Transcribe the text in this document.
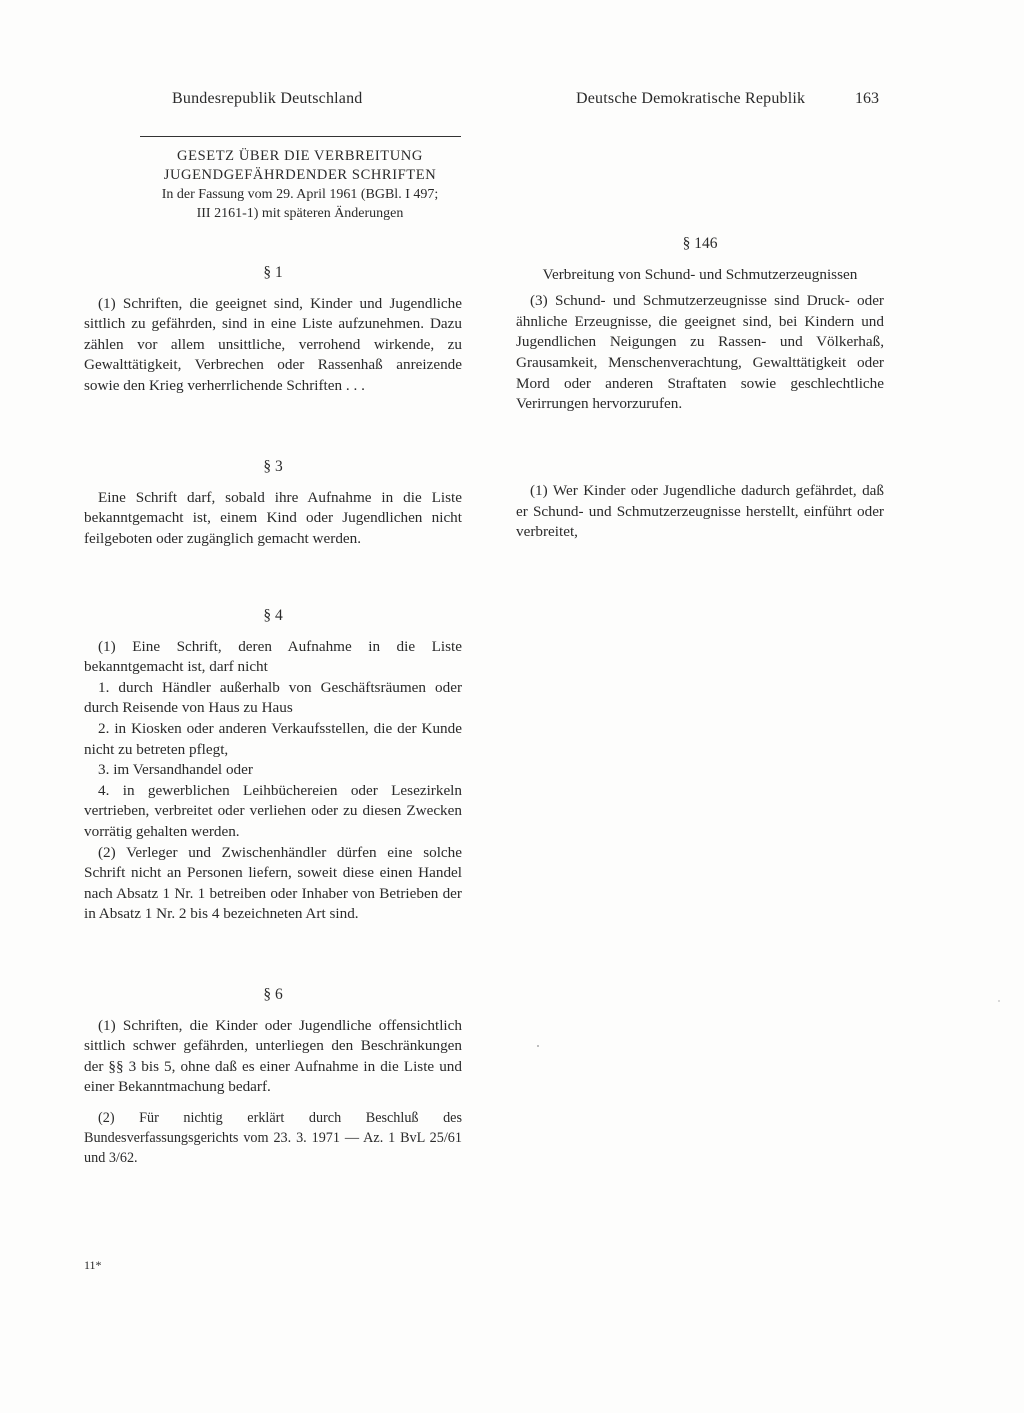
Bundesrepublik Deutschland	Deutsche Demokratische Republik	163
GESETZ ÜBER DIE VERBREITUNG
JUGENDGEFÄHRDENDER SCHRIFTEN
In der Fassung vom 29. April 1961 (BGBl. I 497;
III 2161-1) mit späteren Änderungen
§ 1

(1) Schriften, die geeignet sind, Kinder und Jugendliche sittlich zu gefährden, sind in eine Liste aufzunehmen. Dazu zählen vor allem unsittliche, verrohend wirkende, zu Gewalttätigkeit, Verbrechen oder Rassenhaß anreizende sowie den Krieg verherrlichende Schriften . . .

§ 3

Eine Schrift darf, sobald ihre Aufnahme in die Liste bekanntgemacht ist, einem Kind oder Jugendlichen nicht feilgeboten oder zugänglich gemacht werden.

§ 4

(1) Eine Schrift, deren Aufnahme in die Liste bekanntgemacht ist, darf nicht

1. durch Händler außerhalb von Geschäftsräumen oder durch Reisende von Haus zu Haus

2. in Kiosken oder anderen Verkaufsstellen, die der Kunde nicht zu betreten pflegt,

3. im Versandhandel oder

4. in gewerblichen Leihbüchereien oder Lesezirkeln vertrieben, verbreitet oder verliehen oder zu diesen Zwecken vorrätig gehalten werden.

(2) Verleger und Zwischenhändler dürfen eine solche Schrift nicht an Personen liefern, soweit diese einen Handel nach Absatz 1 Nr. 1 betreiben oder Inhaber von Betrieben der in Absatz 1 Nr. 2 bis 4 bezeichneten Art sind.

§ 6

(1) Schriften, die Kinder oder Jugendliche offensichtlich sittlich schwer gefährden, unterliegen den Beschränkungen der §§ 3 bis 5, ohne daß es einer Aufnahme in die Liste und einer Bekanntmachung bedarf.

(2) Für nichtig erklärt durch Beschluß des Bundesverfassungsgerichts vom 23. 3. 1971 — Az. 1 BvL 25/61 und 3/62.

§ 146
Verbreitung von Schund- und Schmutzerzeugnissen

(3) Schund- und Schmutzerzeugnisse sind Druck- oder ähnliche Erzeugnisse, die geeignet sind, bei Kindern und Jugendlichen Neigungen zu Rassen- und Völkerhaß, Grausamkeit, Menschenverachtung, Gewalttätigkeit oder Mord oder anderen Straftaten sowie geschlechtliche Verirrungen hervorzurufen.

(1) Wer Kinder oder Jugendliche dadurch gefährdet, daß er Schund- und Schmutzerzeugnisse herstellt, einführt oder verbreitet,

11*
